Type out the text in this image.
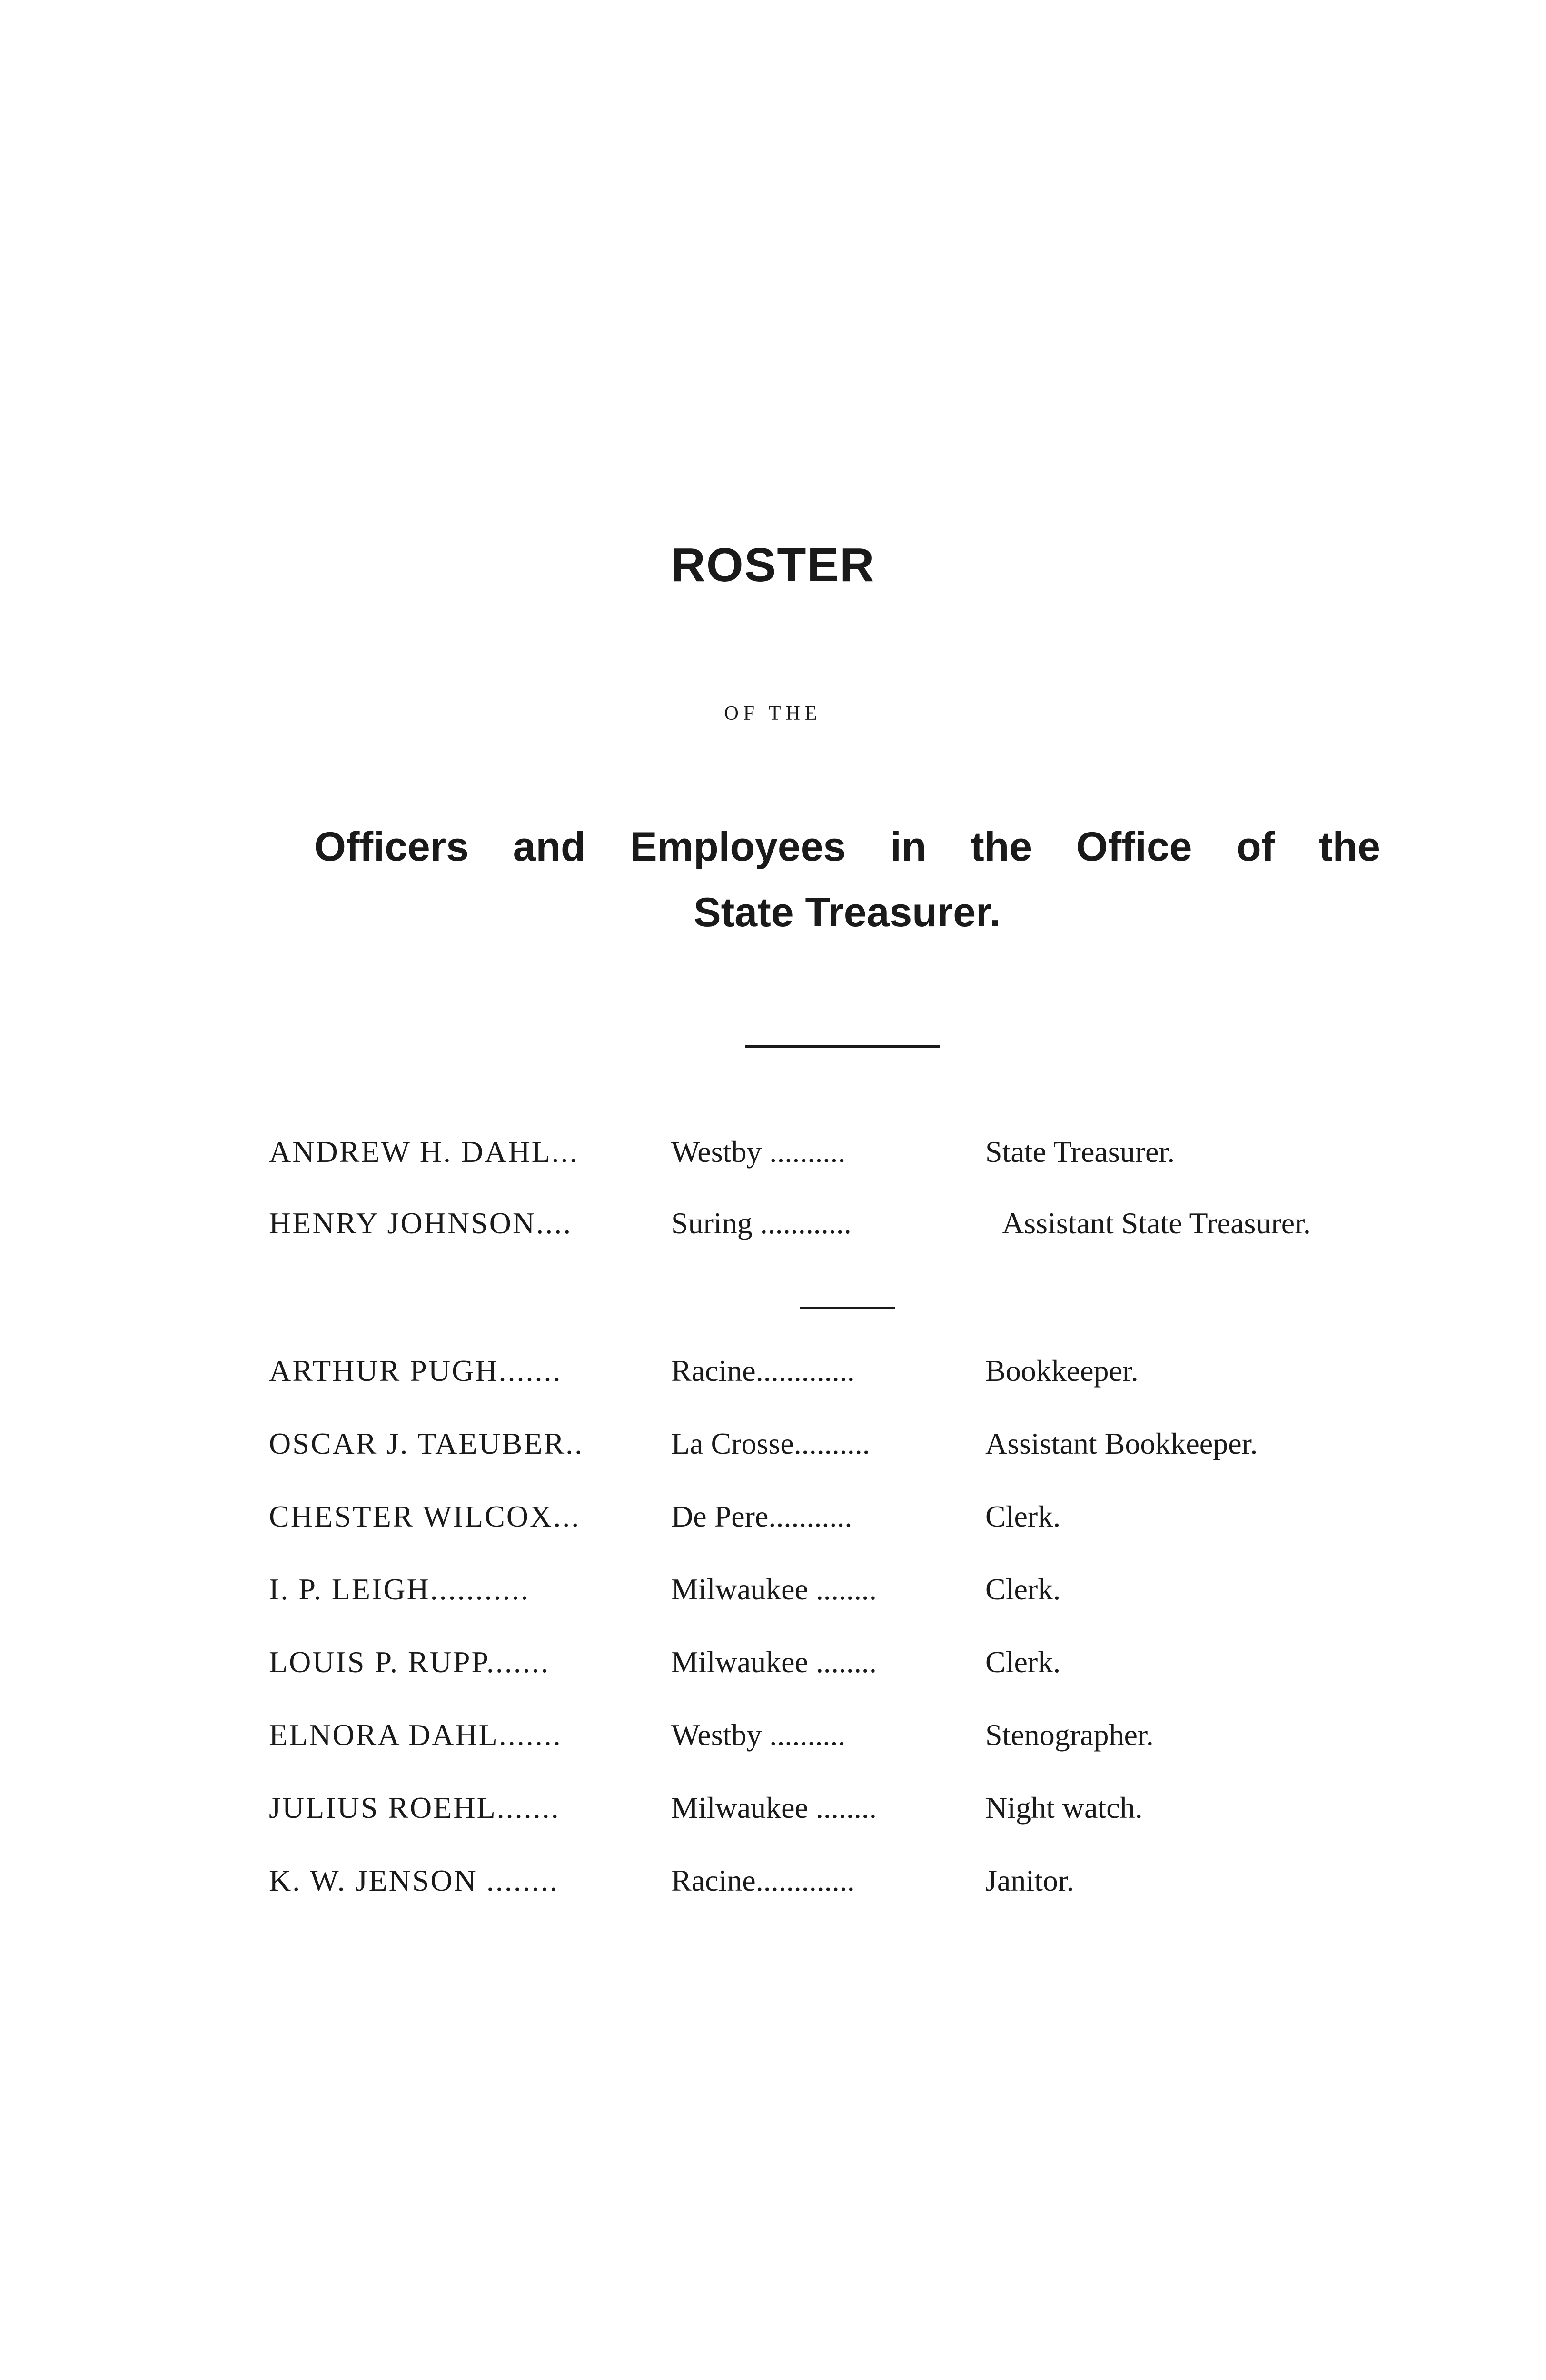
ROSTER
OF THE
Officers and Employees in the Office of the
State Treasurer.
ANDREW H. DAHL...	Westby ..........	State Treasurer.
HENRY JOHNSON....	Suring ............	Assistant State Treasurer.
ARTHUR PUGH.......	Racine.............	Bookkeeper.
OSCAR J. TAEUBER..	La Crosse..........	Assistant Bookkeeper.
CHESTER WILCOX...	De Pere...........	Clerk.
I. P. LEIGH...........	Milwaukee ........	Clerk.
LOUIS P. RUPP.......	Milwaukee ........	Clerk.
ELNORA DAHL.......	Westby ..........	Stenographer.
JULIUS ROEHL.......	Milwaukee ........	Night watch.
K. W. JENSON ........	Racine.............	Janitor.
